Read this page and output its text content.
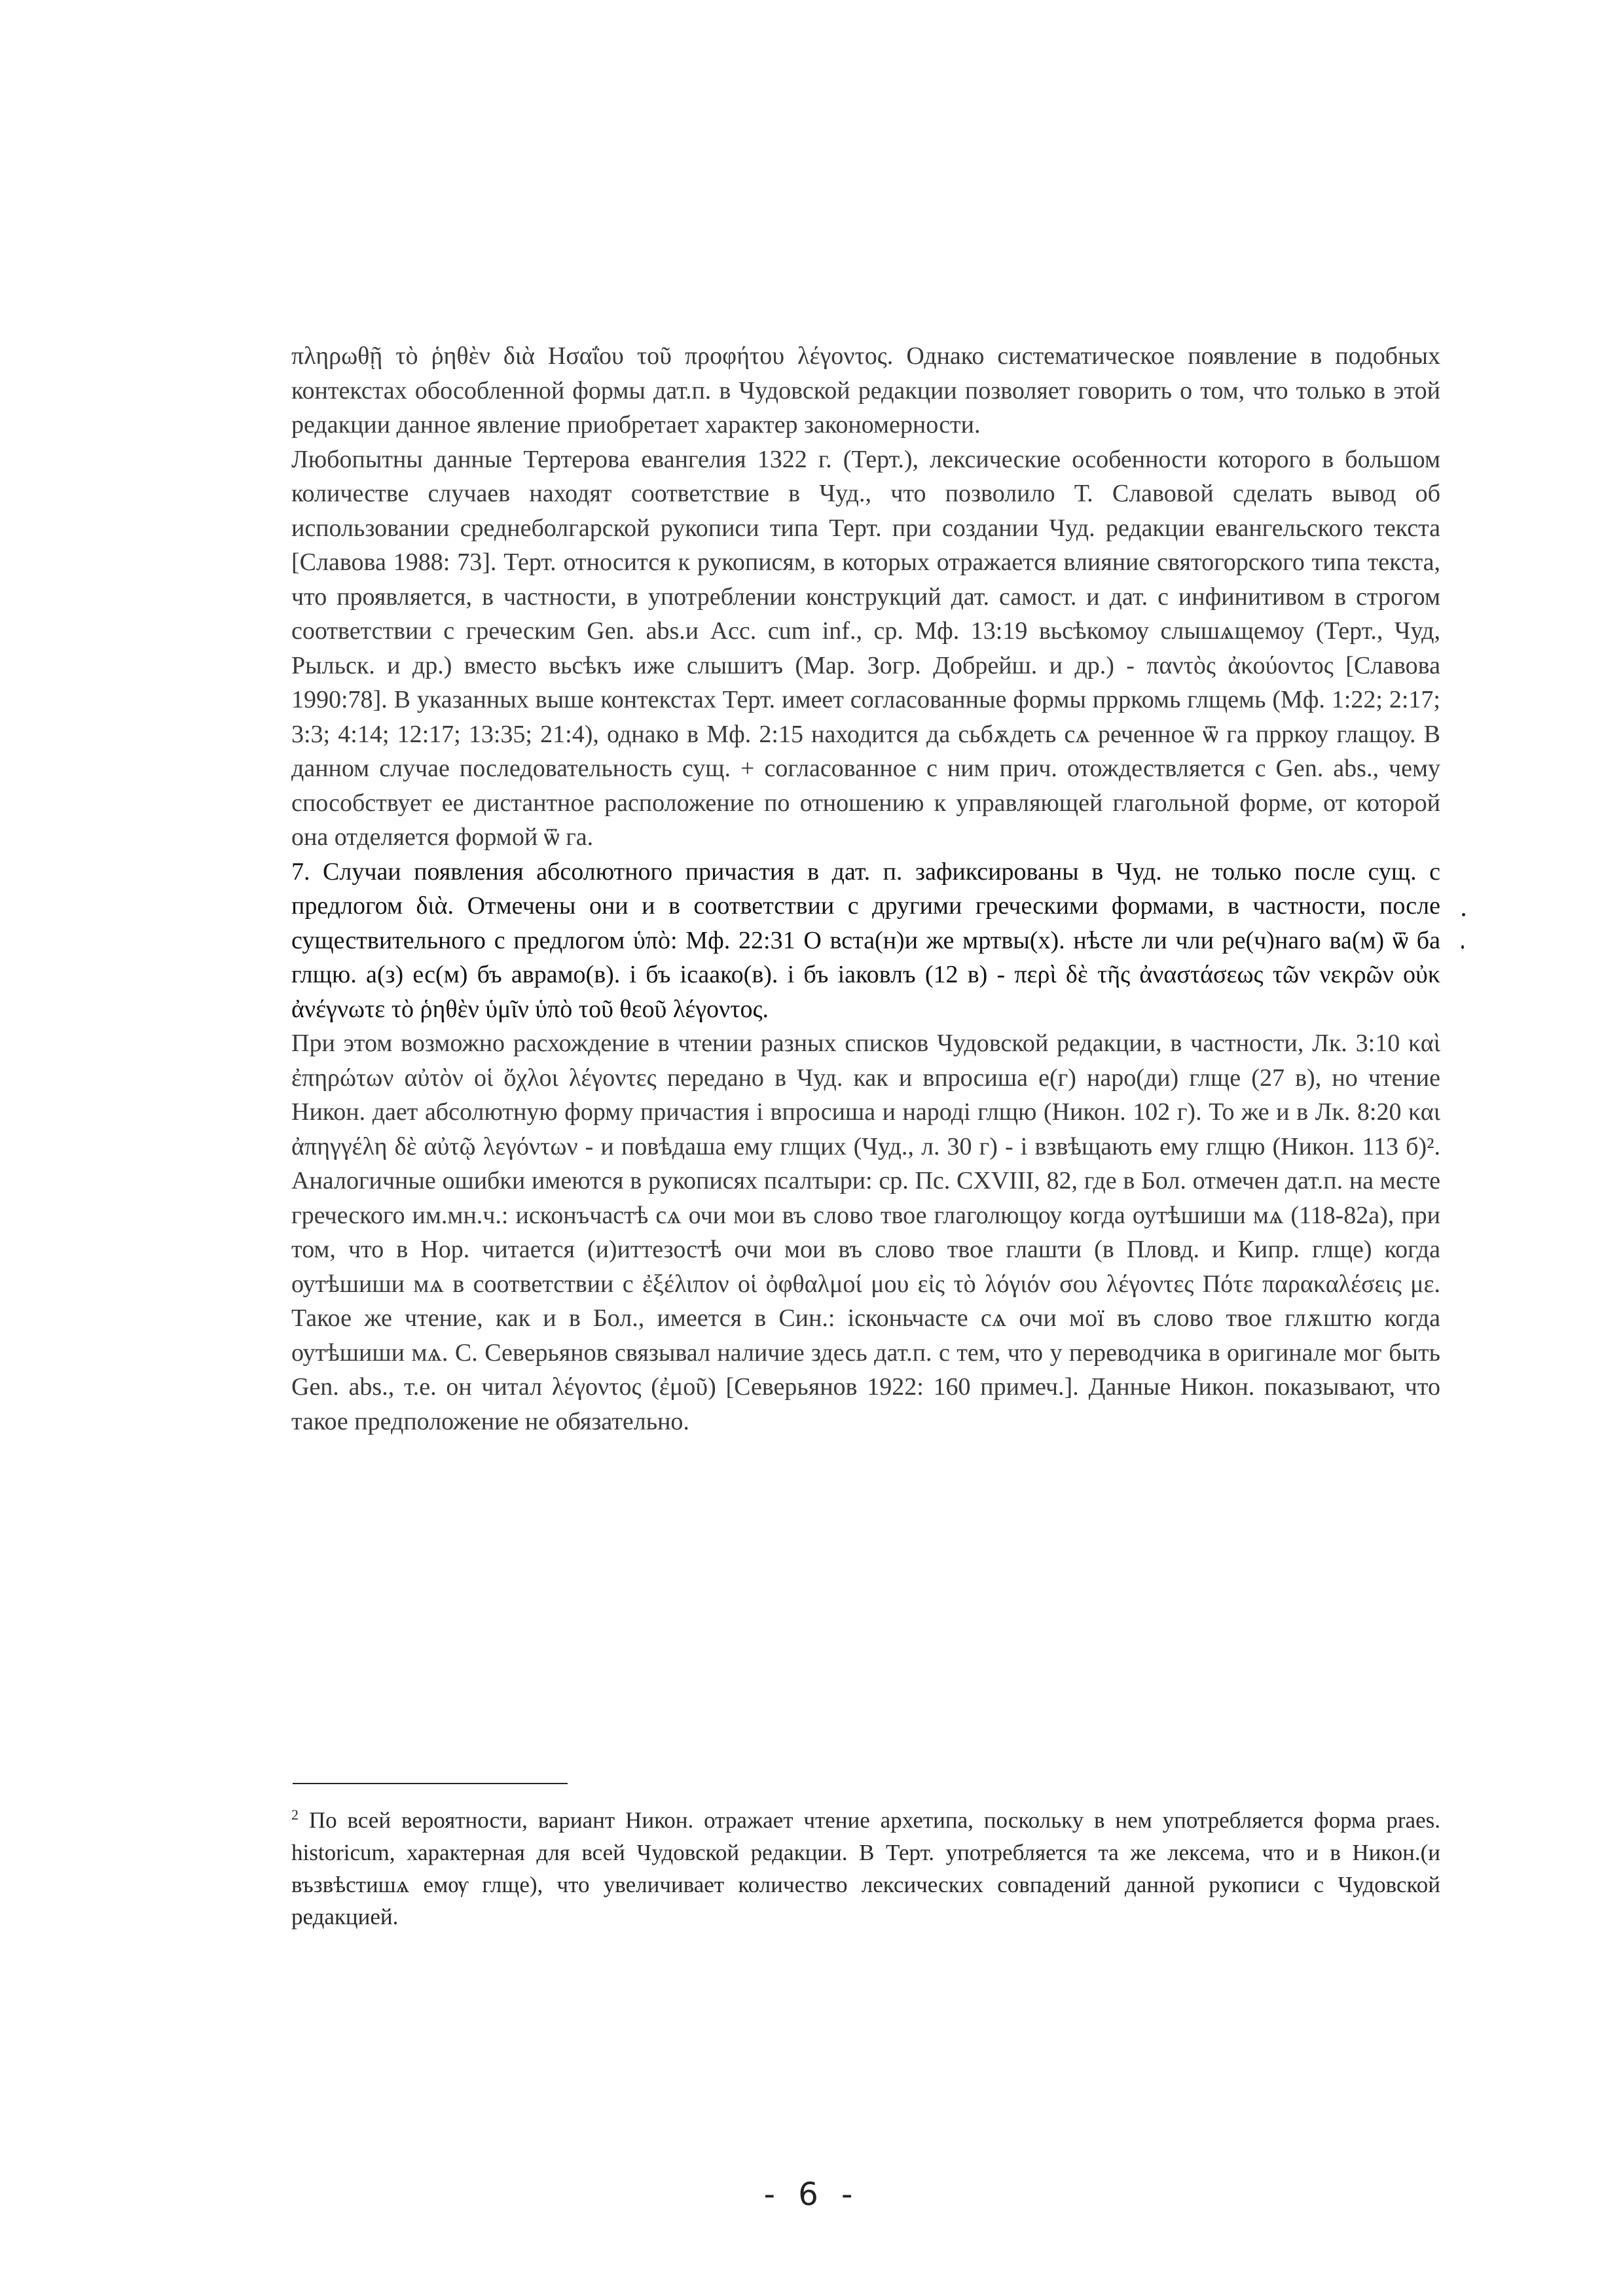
πληρωθῇ τὸ ῥηθὲν διὰ Ησαΐου τοῦ προφήτου λέγοντος. Однако систематическое появление в подобных контекстах обособленной формы дат.п. в Чудовской редакции позволяет говорить о том, что только в этой редакции данное явление приобретает характер закономерности.

Любопытны данные Тертерова евангелия 1322 г. (Терт.), лексические особенности которого в большом количестве случаев находят соответствие в Чуд., что позволило Т. Славовой сделать вывод об использовании среднеболгарской рукописи типа Терт. при создании Чуд. редакции евангельского текста [Славова 1988: 73]. Терт. относится к рукописям, в которых отражается влияние святогорского типа текста, что проявляется, в частности, в употреблении конструкций дат. самост. и дат. с инфинитивом в строгом соответствии с греческим Gen. abs.и Acc. cum inf., ср. Мф. 13:19 вьсѣкомоу слышѧщемоу (Терт., Чуд, Рыльск. и др.) вместо вьсѣкъ иже слышитъ (Мар. Зогр. Добрейш. и др.) - παντὸς ἀκούοντος [Славова 1990:78]. В указанных выше контекстах Терт. имеет согласованные формы прркомь глщемь (Мф. 1:22; 2:17; 3:3; 4:14; 12:17; 13:35; 21:4), однако в Мф. 2:15 находится да сьбѫдеть сѧ реченное ѿ га прркоу глащоу. В данном случае последовательность сущ. + согласованное с ним прич. отождествляется с Gen. abs., чему способствует ее дистантное расположение по отношению к управляющей глагольной форме, от которой она отделяется формой ѿ га.

7. Случаи появления абсолютного причастия в дат. п. зафиксированы в Чуд. не только после сущ. с предлогом διὰ. Отмечены они и в соответствии с другими греческими формами, в частности, после существительного с предлогом ὑπὸ: Мф. 22:31 О вста(н)и же мртвы(х). нѣсте ли чли ре(ч)наго ва(м) ѿ ба глщю. а(з) ес(м) бъ аврамо(в). і бъ ісаако(в). і бъ іаковлъ (12 в) - περὶ δὲ τῆς ἀναστάσεως τῶν νεκρῶν οὐκ ἀνέγνωτε τὸ ῥηθὲν ὑμῖν ὑπὸ τοῦ θεοῦ λέγοντος.

При этом возможно расхождение в чтении разных списков Чудовской редакции, в частности, Лк. 3:10 καὶ ἐπηρώτων αὐτὸν οἱ ὄχλοι λέγοντες передано в Чуд. как и впросиша е(г) наро(ди) глще (27 в), но чтение Никон. дает абсолютную форму причастия і впросиша и народі глщю (Никон. 102 г). То же и в Лк. 8:20 και ἀπηγγέλη δὲ αὐτῷ λεγόντων - и повѣдаша ему глщих (Чуд., л. 30 г) - і взвѣщають ему глщю (Никон. 113 б)². Аналогичные ошибки имеются в рукописях псалтыри: ср. Пс. CXVIII, 82, где в Бол. отмечен дат.п. на месте греческого им.мн.ч.: исконъчастѣ сѧ очи мои въ слово твое глаголющоу когда оутѣшиши мѧ (118-82а), при том, что в Нор. читается (и)иттезостѣ очи мои въ слово твое глашти (в Пловд. и Кипр. глще) когда оутѣшиши мѧ в соответствии с ἐξέλιπον οἱ ὀφθαλμοί μου εἰς τὸ λόγιόν σου λέγοντες Πότε παρακαλέσεις με. Такое же чтение, как и в Бол., имеется в Син.: ісконьчасте сѧ очи мої въ слово твое глѫштю когда оутѣшиши мѧ. С. Северьянов связывал наличие здесь дат.п. с тем, что у переводчика в оригинале мог быть Gen. abs., т.е. он читал λέγοντος (ἐμοῦ) [Северьянов 1922: 160 примеч.]. Данные Никон. показывают, что такое предположение не обязательно.

$^2$ По всей вероятности, вариант Никон. отражает чтение архетипа, поскольку в нем употребляется форма praes. historicum, характерная для всей Чудовской редакции. В Терт. употребляется та же лексема, что и в Никон.(и възвѣстишѧ емѹ глще), что увеличивает количество лексических совпадений данной рукописи с Чудовской редакцией.
- 6 -
